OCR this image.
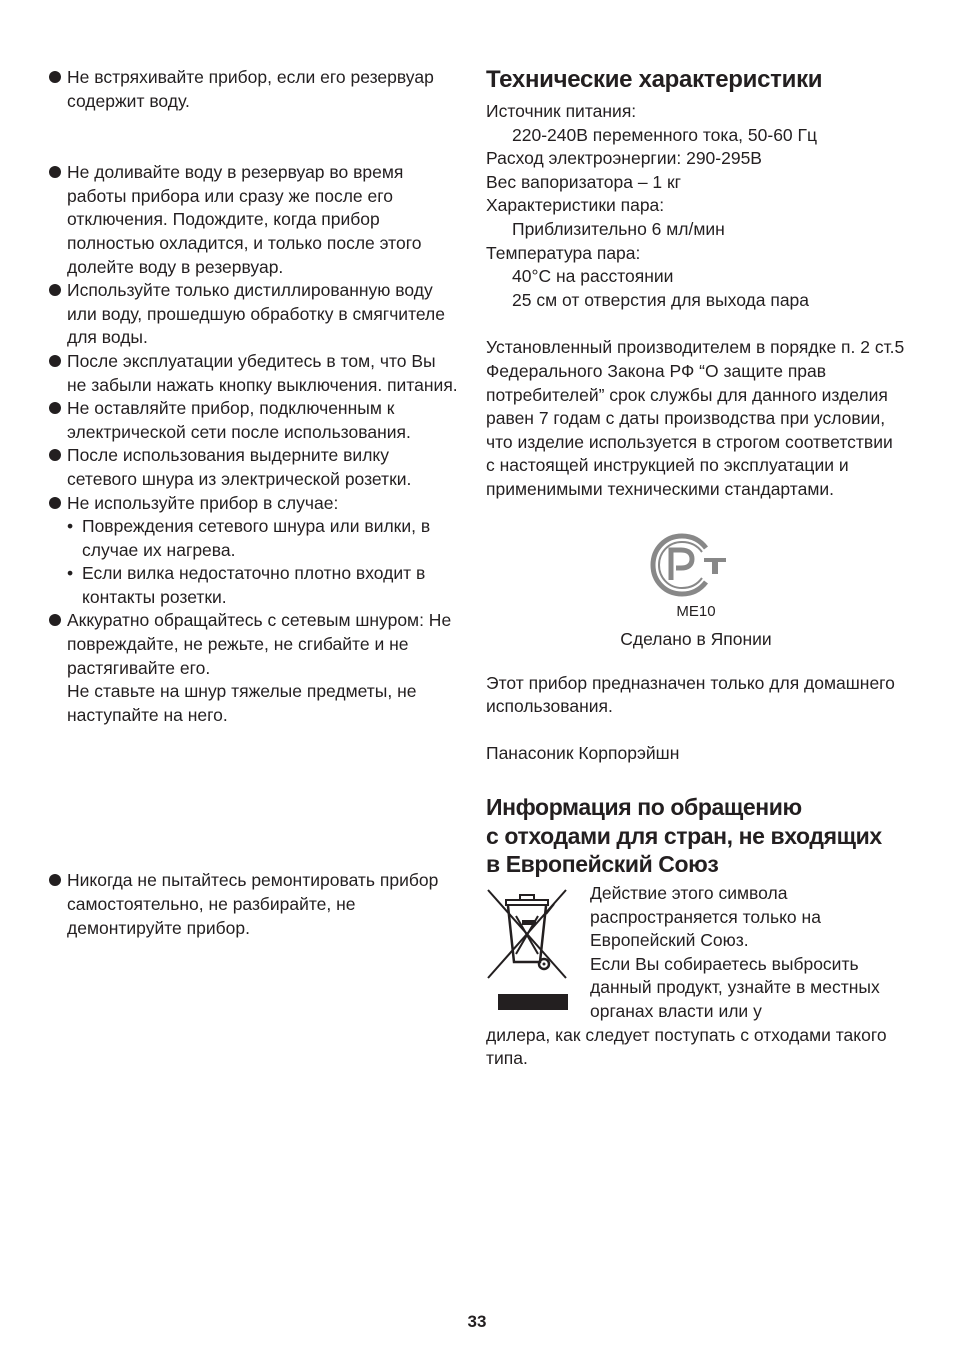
Не встряхивайте прибор, если его резервуар содержит воду.
Не доливайте воду в резервуар во время работы прибора или сразу же после его отключения. Подождите, когда прибор полностью охладится, и только после этого долейте воду в резервуар.
Используйте только дистиллированную воду или воду, прошедшую обработку в смягчителе для воды.
После эксплуатации убедитесь в том, что Вы не забыли нажать кнопку выключения. питания.
Не оставляйте прибор, подключенным к электрической сети после использования.
После использования выдерните вилку сетевого шнура из электрической розетки.
Не используйте прибор в случае:
• Повреждения сетевого шнура или вилки, в случае их нагрева.
• Если вилка недостаточно плотно входит в контакты розетки.
Аккуратно обращайтесь с сетевым шнуром: Не повреждайте, не режьте, не сгибайте и не растягивайте его.
Не ставьте на шнур тяжелые предметы, не наступайте на него.
Никогда не пытайтесь ремонтировать прибор самостоятельно, не разбирайте, не демонтируйте прибор.
Технические характеристики
Источник питания:
220-240В переменного тока, 50-60 Гц
Расход электроэнергии: 290-295В
Вес вапоризатора – 1 кг
Характеристики пара:
Приблизительно 6 мл/мин
Температура пара:
40°С на расстоянии
25 см от отверстия для выхода пара
Установленный производителем в порядке п. 2 ст.5 Федерального Закона РФ “О защите прав потребителей” срок службы для данного изделия равен 7 годам с даты производства при условии, что изделие используется в строгом соответствии с настоящей инструкцией по эксплуатации и применимыми техническими стандартами.
ME10
Сделано в Японии
Этот прибор предназначен только для домашнего использования.
Панасоник Корпорэйшн
Информация по обращению
с отходами для стран, не входящих
в Европейский Союз
Действие этого символа распространяется только на Европейский Союз.
Если Вы собираетесь выбросить данный продукт, узнайте в местных органах власти или у
дилера, как следует поступать с отходами такого типа.
33
